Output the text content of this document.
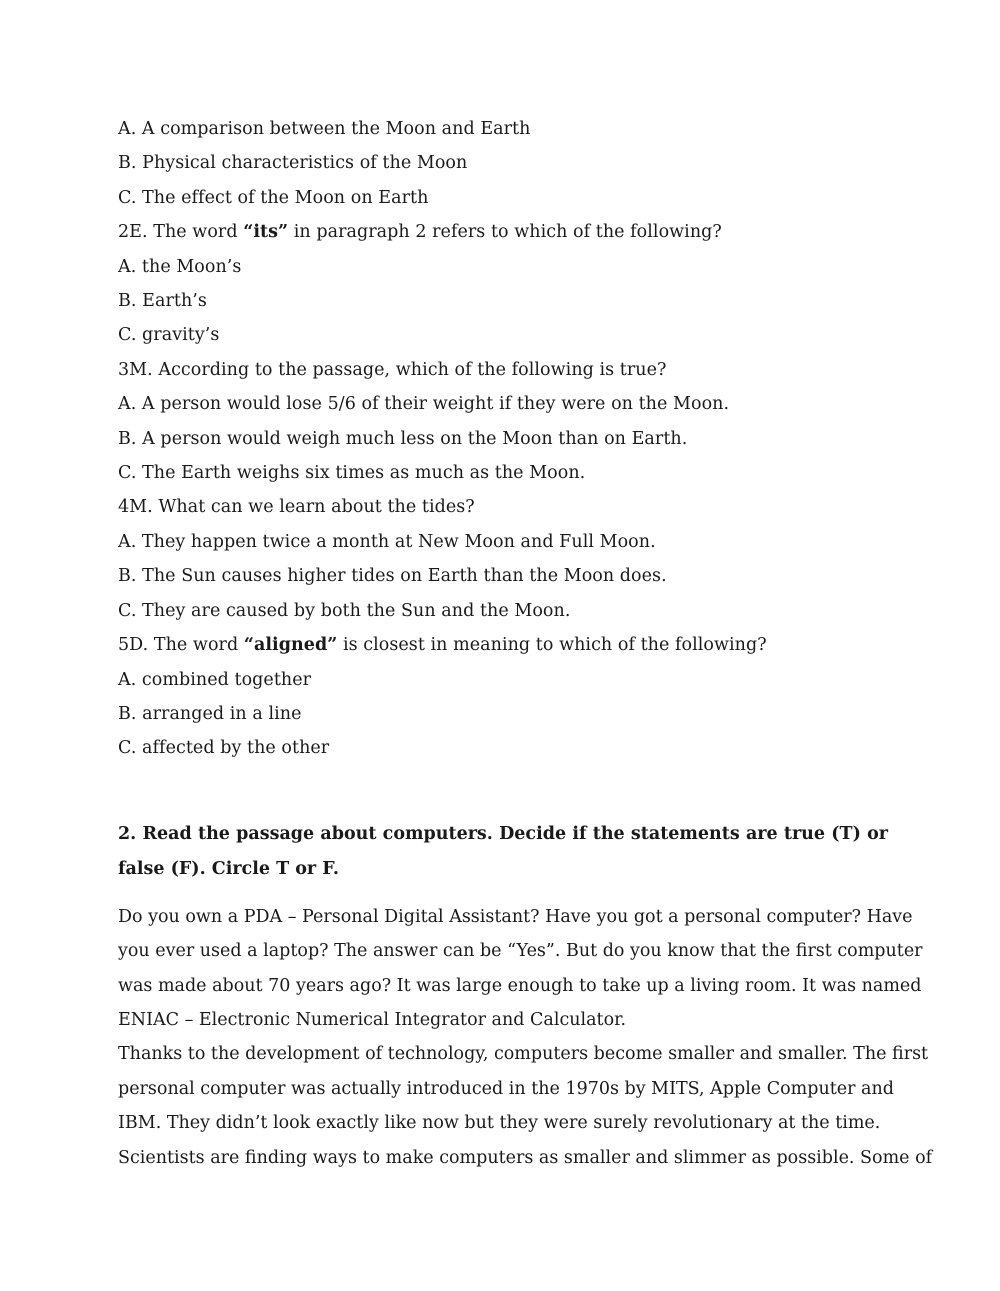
A. A comparison between the Moon and Earth
B. Physical characteristics of the Moon
C. The effect of the Moon on Earth
2E. The word “its” in paragraph 2 refers to which of the following?
A. the Moon’s
B. Earth’s
C. gravity’s
3M. According to the passage, which of the following is true?
A. A person would lose 5/6 of their weight if they were on the Moon.
B. A person would weigh much less on the Moon than on Earth.
C. The Earth weighs six times as much as the Moon.
4M. What can we learn about the tides?
A. They happen twice a month at New Moon and Full Moon.
B. The Sun causes higher tides on Earth than the Moon does.
C. They are caused by both the Sun and the Moon.
5D. The word “aligned” is closest in meaning to which of the following?
A. combined together
B. arranged in a line
C. affected by the other
2. Read the passage about computers. Decide if the statements are true (T) or false (F). Circle T or F.
Do you own a PDA – Personal Digital Assistant? Have you got a personal computer? Have
you ever used a laptop? The answer can be “Yes”. But do you know that the first computer
was made about 70 years ago? It was large enough to take up a living room. It was named
ENIAC – Electronic Numerical Integrator and Calculator.
Thanks to the development of technology, computers become smaller and smaller. The first
personal computer was actually introduced in the 1970s by MITS, Apple Computer and
IBM. They didn’t look exactly like now but they were surely revolutionary at the time.
Scientists are finding ways to make computers as smaller and slimmer as possible. Some of
